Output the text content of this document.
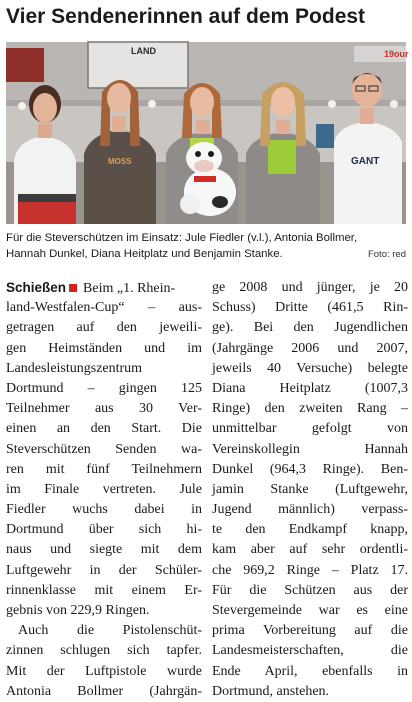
Vier Sendenerinnen auf dem Podest
LAND	19our
MOSS	GANT
Für die Steverschützen im Einsatz: Jule Fiedler (v.l.), Antonia Bollmer,
Hannah Dunkel, Diana Heitplatz und Benjamin Stanke.	Foto: red
Schießen Beim „1. Rhein-
land-Westfalen-Cup“ – aus-
getragen auf den jeweili-
gen Heimständen und im
Landesleistungszentrum
Dortmund – gingen 125
Teilnehmer aus 30 Ver-
einen an den Start. Die
Steverschützen Senden wa-
ren mit fünf Teilnehmern
im Finale vertreten. Jule
Fiedler wuchs dabei in
Dortmund über sich hi-
naus und siegte mit dem
Luftgewehr in der Schüler-
rinnenklasse mit einem Er-
gebnis von 229,9 Ringen.
Auch die Pistolenschüt-
zinnen schlugen sich tapfer.
Mit der Luftpistole wurde
Antonia Bollmer (Jahrgän-
ge 2008 und jünger, je 20
Schuss) Dritte (461,5 Rin-
ge). Bei den Jugendlichen
(Jahrgänge 2006 und 2007,
jeweils 40 Versuche) belegte
Diana Heitplatz (1007,3
Ringe) den zweiten Rang –
unmittelbar gefolgt von
Vereinskollegin Hannah
Dunkel (964,3 Ringe). Ben-
jamin Stanke (Luftgewehr,
Jugend männlich) verpass-
te den Endkampf knapp,
kam aber auf sehr ordentli-
che 969,2 Ringe – Platz 17.
Für die Schützen aus der
Stevergemeinde war es eine
prima Vorbereitung auf die
Landesmeisterschaften, die
Ende April, ebenfalls in
Dortmund, anstehen.
